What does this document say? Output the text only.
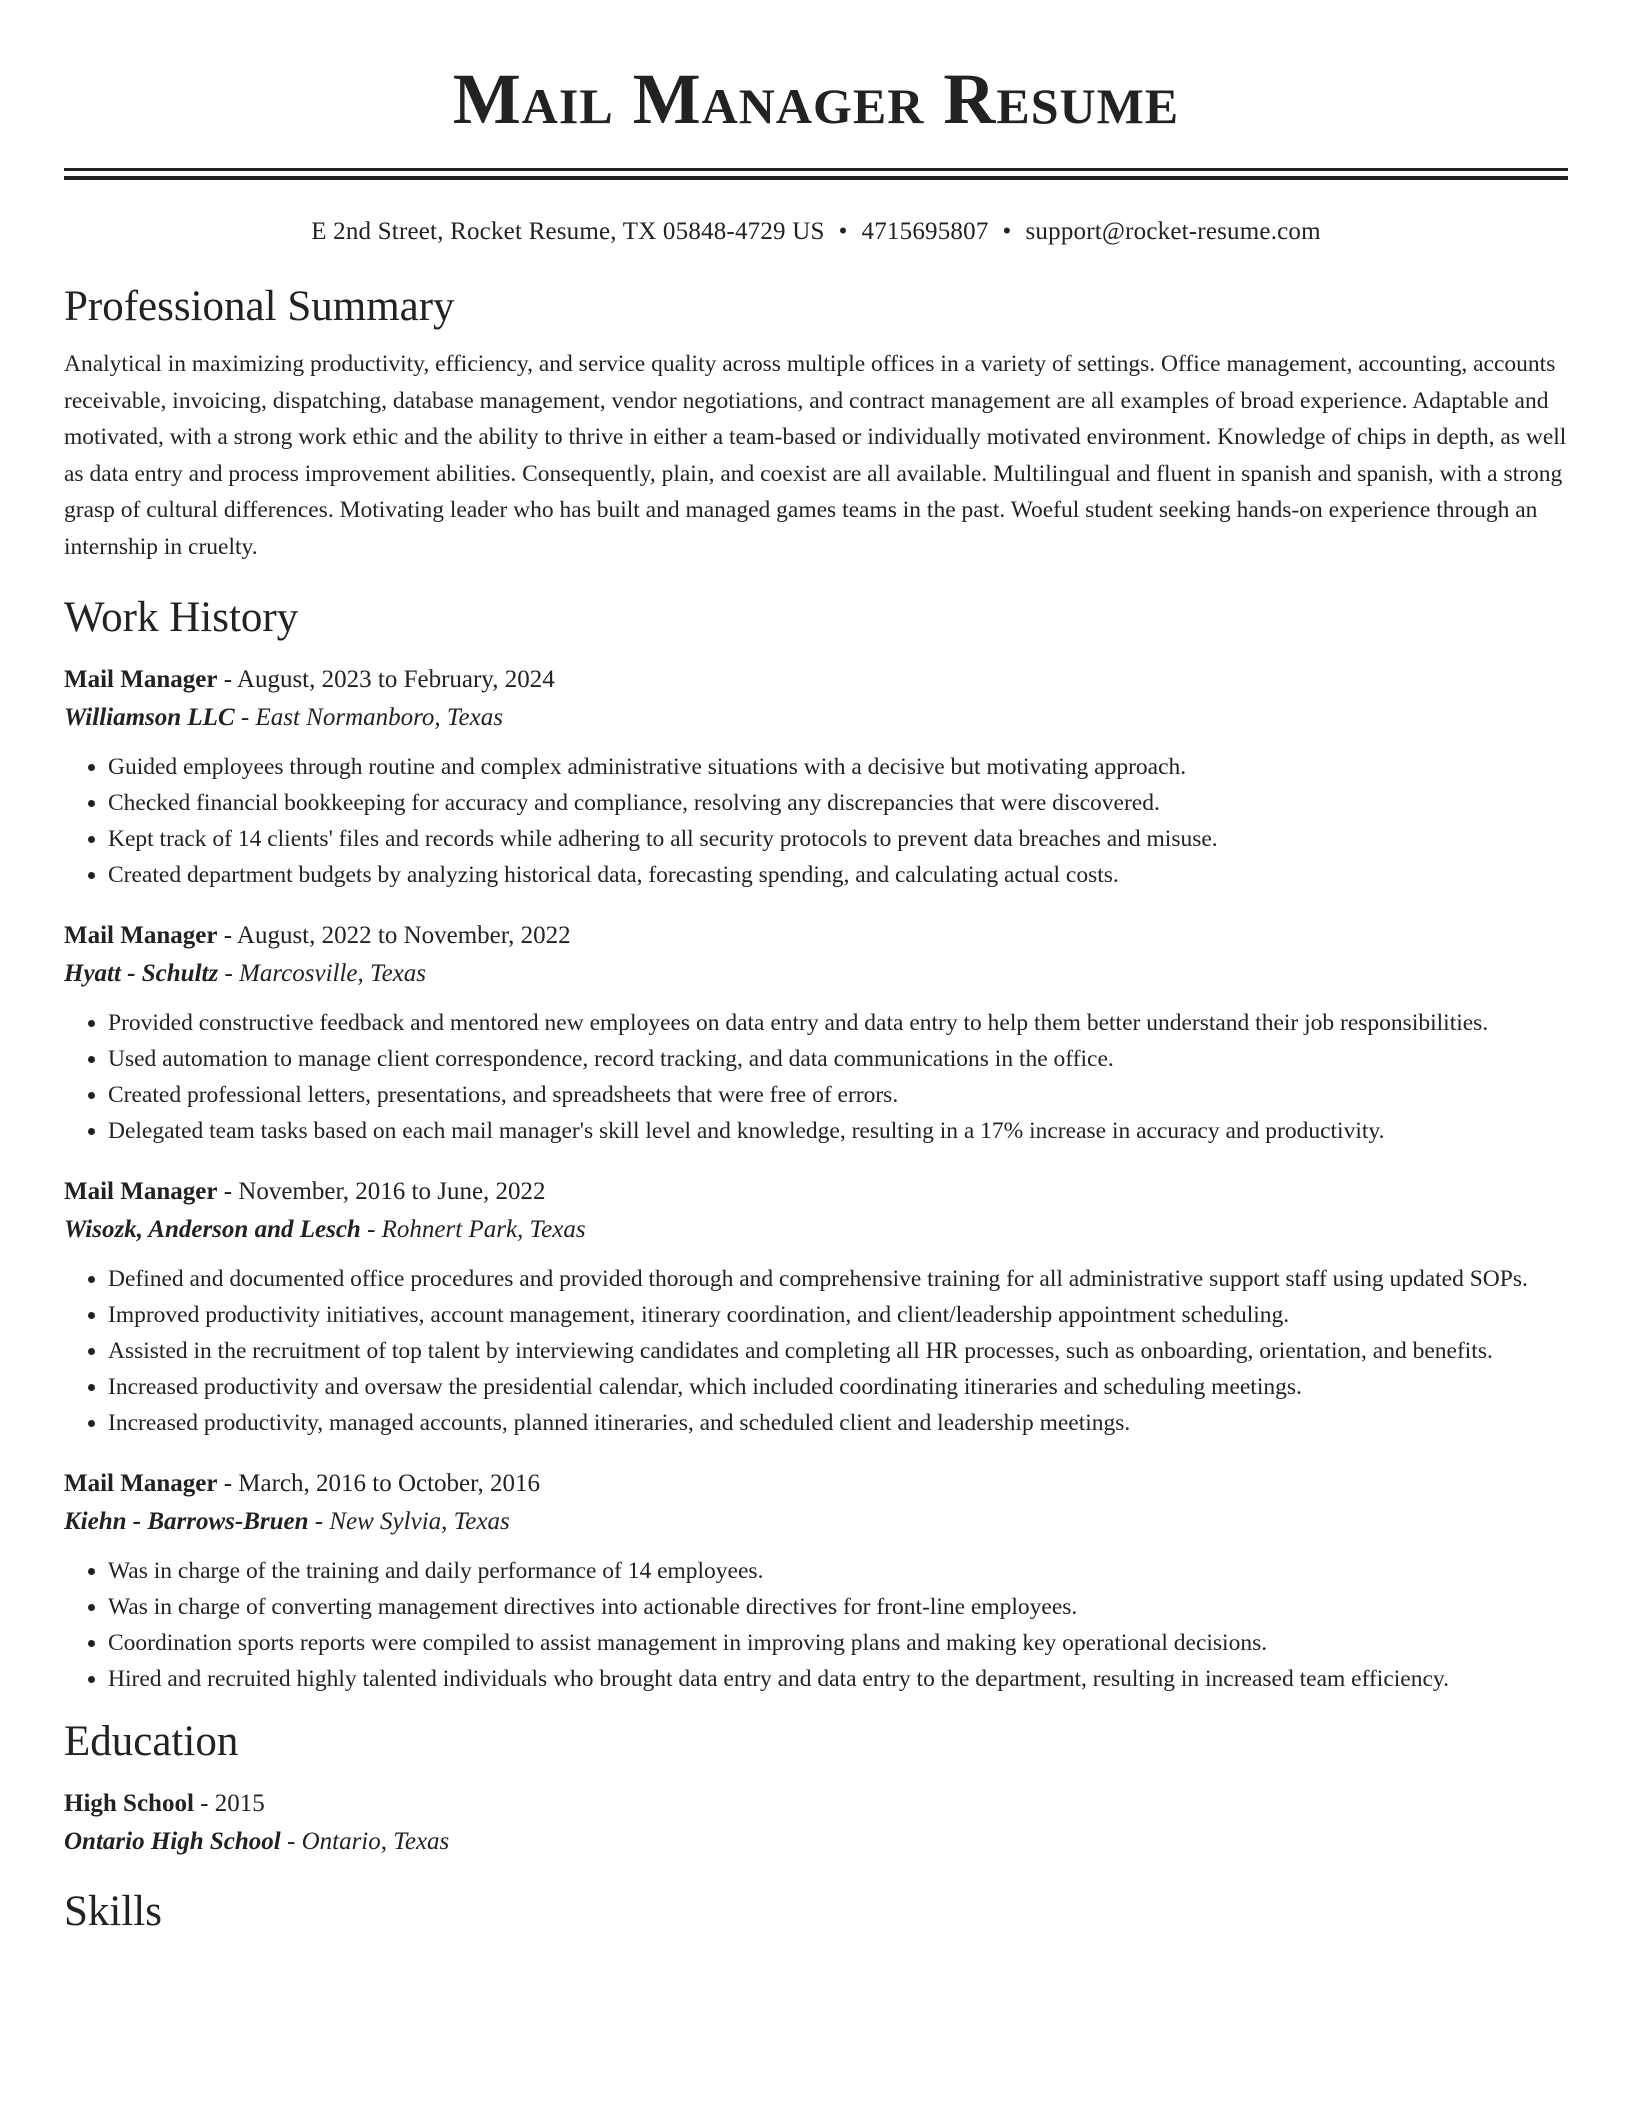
Mail Manager Resume
E 2nd Street, Rocket Resume, TX 05848-4729 US • 4715695807 • support@rocket-resume.com
Professional Summary

Analytical in maximizing productivity, efficiency, and service quality across multiple offices in a variety of settings. Office management, accounting, accounts receivable, invoicing, dispatching, database management, vendor negotiations, and contract management are all examples of broad experience. Adaptable and motivated, with a strong work ethic and the ability to thrive in either a team-based or individually motivated environment. Knowledge of chips in depth, as well as data entry and process improvement abilities. Consequently, plain, and coexist are all available. Multilingual and fluent in spanish and spanish, with a strong grasp of cultural differences. Motivating leader who has built and managed games teams in the past. Woeful student seeking hands-on experience through an internship in cruelty.

Work History
Mail Manager - August, 2023 to February, 2024
Williamson LLC - East Normanboro, Texas
• Guided employees through routine and complex administrative situations with a decisive but motivating approach.
• Checked financial bookkeeping for accuracy and compliance, resolving any discrepancies that were discovered.
• Kept track of 14 clients' files and records while adhering to all security protocols to prevent data breaches and misuse.
• Created department budgets by analyzing historical data, forecasting spending, and calculating actual costs.
Mail Manager - August, 2022 to November, 2022
Hyatt - Schultz - Marcosville, Texas
• Provided constructive feedback and mentored new employees on data entry and data entry to help them better understand their job responsibilities.
• Used automation to manage client correspondence, record tracking, and data communications in the office.
• Created professional letters, presentations, and spreadsheets that were free of errors.
• Delegated team tasks based on each mail manager's skill level and knowledge, resulting in a 17% increase in accuracy and productivity.
Mail Manager - November, 2016 to June, 2022
Wisozk, Anderson and Lesch - Rohnert Park, Texas
• Defined and documented office procedures and provided thorough and comprehensive training for all administrative support staff using updated SOPs.
• Improved productivity initiatives, account management, itinerary coordination, and client/leadership appointment scheduling.
• Assisted in the recruitment of top talent by interviewing candidates and completing all HR processes, such as onboarding, orientation, and benefits.
• Increased productivity and oversaw the presidential calendar, which included coordinating itineraries and scheduling meetings.
• Increased productivity, managed accounts, planned itineraries, and scheduled client and leadership meetings.
Mail Manager - March, 2016 to October, 2016
Kiehn - Barrows-Bruen - New Sylvia, Texas
• Was in charge of the training and daily performance of 14 employees.
• Was in charge of converting management directives into actionable directives for front-line employees.
• Coordination sports reports were compiled to assist management in improving plans and making key operational decisions.
• Hired and recruited highly talented individuals who brought data entry and data entry to the department, resulting in increased team efficiency.
Education
High School - 2015
Ontario High School - Ontario, Texas
Skills
